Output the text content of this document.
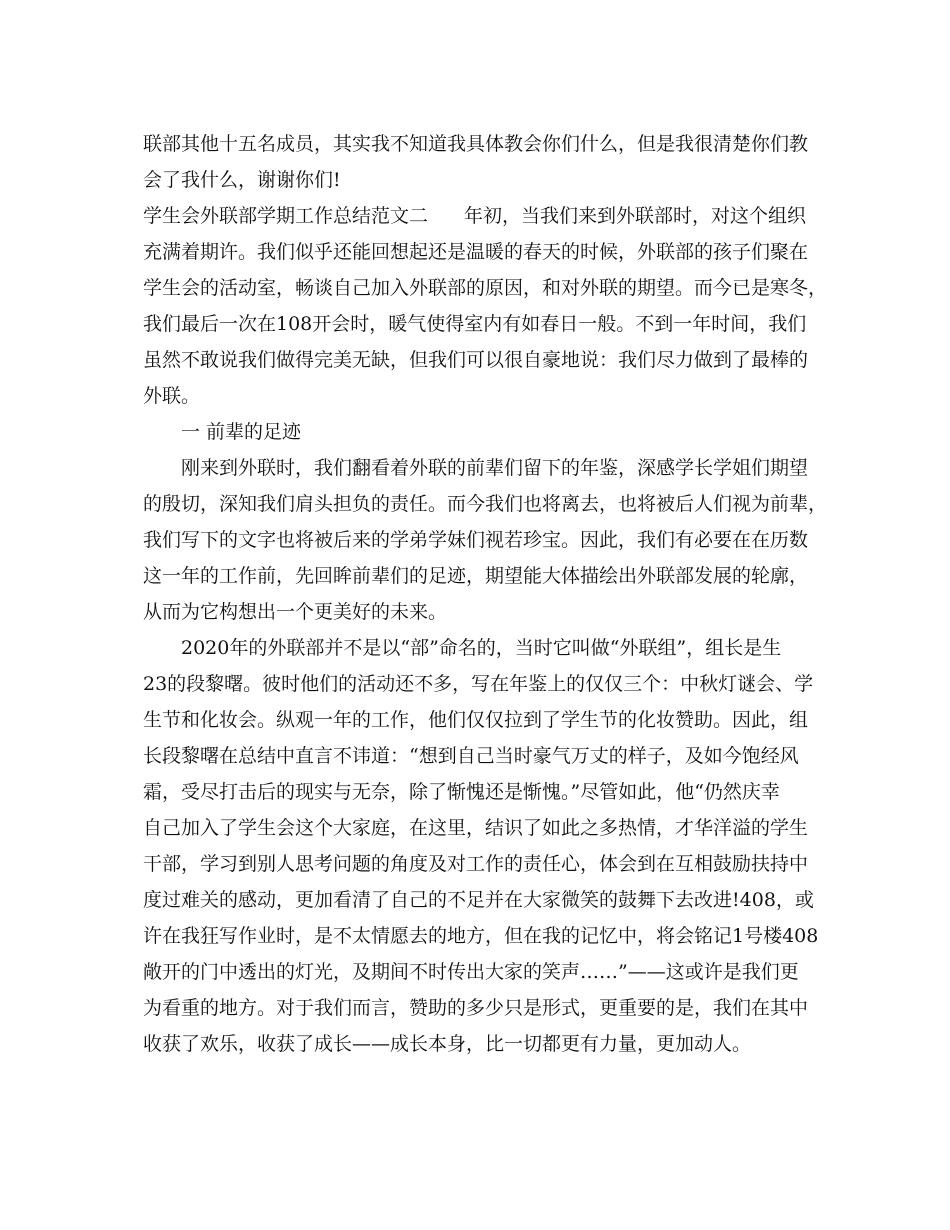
联部其他十五名成员，其实我不知道我具体教会你们什么，但是我很清楚你们教
会了我什么，谢谢你们!
学生会外联部学期工作总结范文二 年初，当我们来到外联部时，对这个组织
充满着期许。我们似乎还能回想起还是温暖的春天的时候，外联部的孩子们聚在
学生会的活动室，畅谈自己加入外联部的原因，和对外联的期望。而今已是寒冬，
我们最后一次在108开会时，暖气使得室内有如春日一般。不到一年时间，我们
虽然不敢说我们做得完美无缺，但我们可以很自豪地说：我们尽力做到了最棒的
外联。
一 前辈的足迹
刚来到外联时，我们翻看着外联的前辈们留下的年鉴，深感学长学姐们期望
的殷切，深知我们肩头担负的责任。而今我们也将离去，也将被后人们视为前辈，
我们写下的文字也将被后来的学弟学妹们视若珍宝。因此，我们有必要在在历数
这一年的工作前，先回眸前辈们的足迹，期望能大体描绘出外联部发展的轮廓，
从而为它构想出一个更美好的未来。
2020年的外联部并不是以“部”命名的，当时它叫做“外联组”，组长是生
23的段黎曙。彼时他们的活动还不多，写在年鉴上的仅仅三个：中秋灯谜会、学
生节和化妆会。纵观一年的工作，他们仅仅拉到了学生节的化妆赞助。因此，组
长段黎曙在总结中直言不讳道：“想到自己当时豪气万丈的样子，及如今饱经风
霜，受尽打击后的现实与无奈，除了惭愧还是惭愧。”尽管如此，他“仍然庆幸
自己加入了学生会这个大家庭，在这里，结识了如此之多热情，才华洋溢的学生
干部，学习到别人思考问题的角度及对工作的责任心，体会到在互相鼓励扶持中
度过难关的感动，更加看清了自己的不足并在大家微笑的鼓舞下去改进!408，或
许在我狂写作业时，是不太情愿去的地方，但在我的记忆中，将会铭记1号楼408
敞开的门中透出的灯光，及期间不时传出大家的笑声……”——这或许是我们更
为看重的地方。对于我们而言，赞助的多少只是形式，更重要的是，我们在其中
收获了欢乐，收获了成长——成长本身，比一切都更有力量，更加动人。
